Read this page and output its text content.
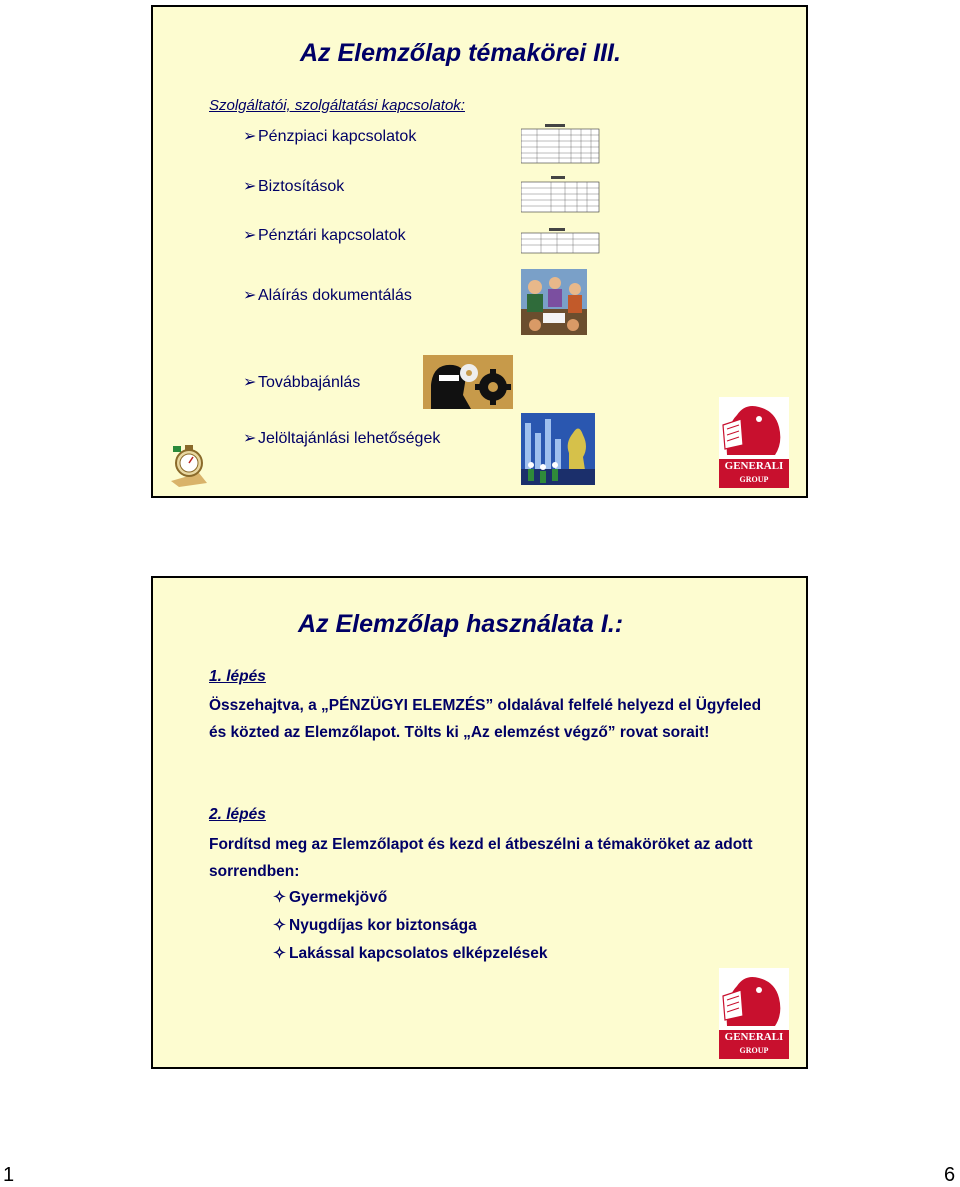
Az Elemzőlap témakörei III.
Szolgáltatói, szolgáltatási kapcsolatok:
➢Pénzpiaci kapcsolatok
➢Biztosítások
➢Pénztári kapcsolatok
➢Aláírás dokumentálás
➢Továbbajánlás
➢Jelöltajánlási lehetőségek
GENERALI
GROUP
Az Elemzőlap használata I.:
1. lépés
Összehajtva, a „PÉNZÜGYI ELEMZÉS” oldalával felfelé helyezd el Ügyfeled és közted az Elemzőlapot. Tölts ki „Az elemzést végző” rovat sorait!
2. lépés
Fordítsd meg az Elemzőlapot és kezd el átbeszélni a témaköröket az adott sorrendben:
✧ Gyermekjövő
✧ Nyugdíjas kor biztonsága
✧ Lakással kapcsolatos elképzelések
GENERALI
GROUP
1	6
